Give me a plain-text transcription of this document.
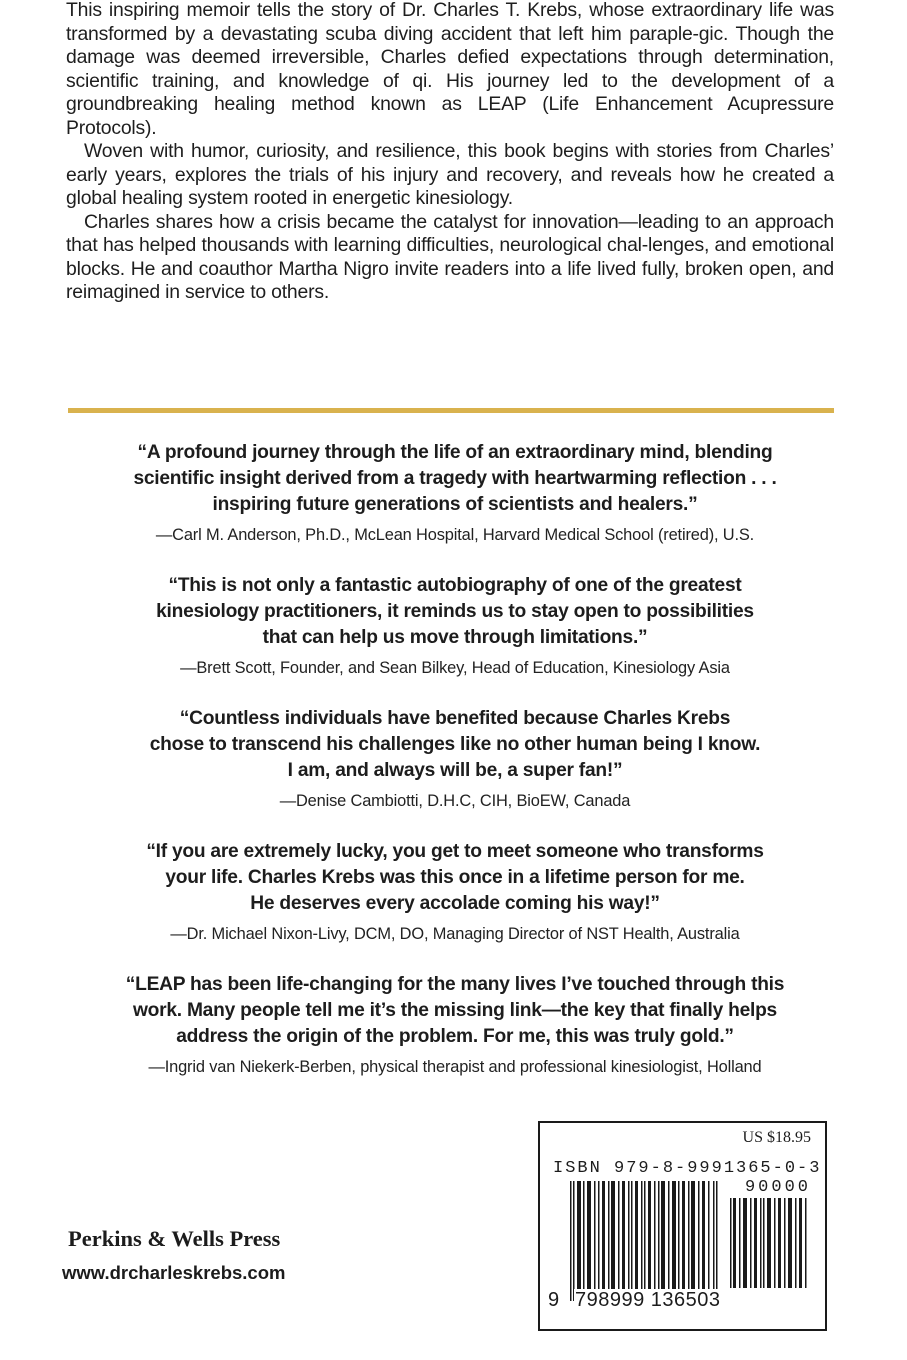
This inspiring memoir tells the story of Dr. Charles T. Krebs, whose extraordinary life was transformed by a devastating scuba diving accident that left him paraple-gic. Though the damage was deemed irreversible, Charles defied expectations through determination, scientific training, and knowledge of qi. His journey led to the development of a groundbreaking healing method known as LEAP (Life Enhancement Acupressure Protocols).

Woven with humor, curiosity, and resilience, this book begins with stories from Charles’ early years, explores the trials of his injury and recovery, and reveals how he created a global healing system rooted in energetic kinesiology.

Charles shares how a crisis became the catalyst for innovation—leading to an approach that has helped thousands with learning difficulties, neurological chal-lenges, and emotional blocks. He and coauthor Martha Nigro invite readers into a life lived fully, broken open, and reimagined in service to others.

“A profound journey through the life of an extraordinary mind, blending
scientific insight derived from a tragedy with heartwarming reflection . . .
inspiring future generations of scientists and healers.”
—Carl M. Anderson, Ph.D., McLean Hospital, Harvard Medical School (retired), U.S.
“This is not only a fantastic autobiography of one of the greatest
kinesiology practitioners, it reminds us to stay open to possibilities
that can help us move through limitations.”
—Brett Scott, Founder, and Sean Bilkey, Head of Education, Kinesiology Asia
“Countless individuals have benefited because Charles Krebs
chose to transcend his challenges like no other human being I know.
I am, and always will be, a super fan!”
—Denise Cambiotti, D.H.C, CIH, BioEW, Canada
“If you are extremely lucky, you get to meet someone who transforms
your life. Charles Krebs was this once in a lifetime person for me.
He deserves every accolade coming his way!”
—Dr. Michael Nixon-Livy, DCM, DO, Managing Director of NST Health, Australia
“LEAP has been life-changing for the many lives I’ve touched through this
work. Many people tell me it’s the missing link—the key that finally helps
address the origin of the problem. For me, this was truly gold.”
—Ingrid van Niekerk-Berben, physical therapist and professional kinesiologist, Holland
Perkins & Wells Press
www.drcharleskrebs.com
US $18.95
ISBN 979-8-9991365-0-3
90000
9 798999 136503
